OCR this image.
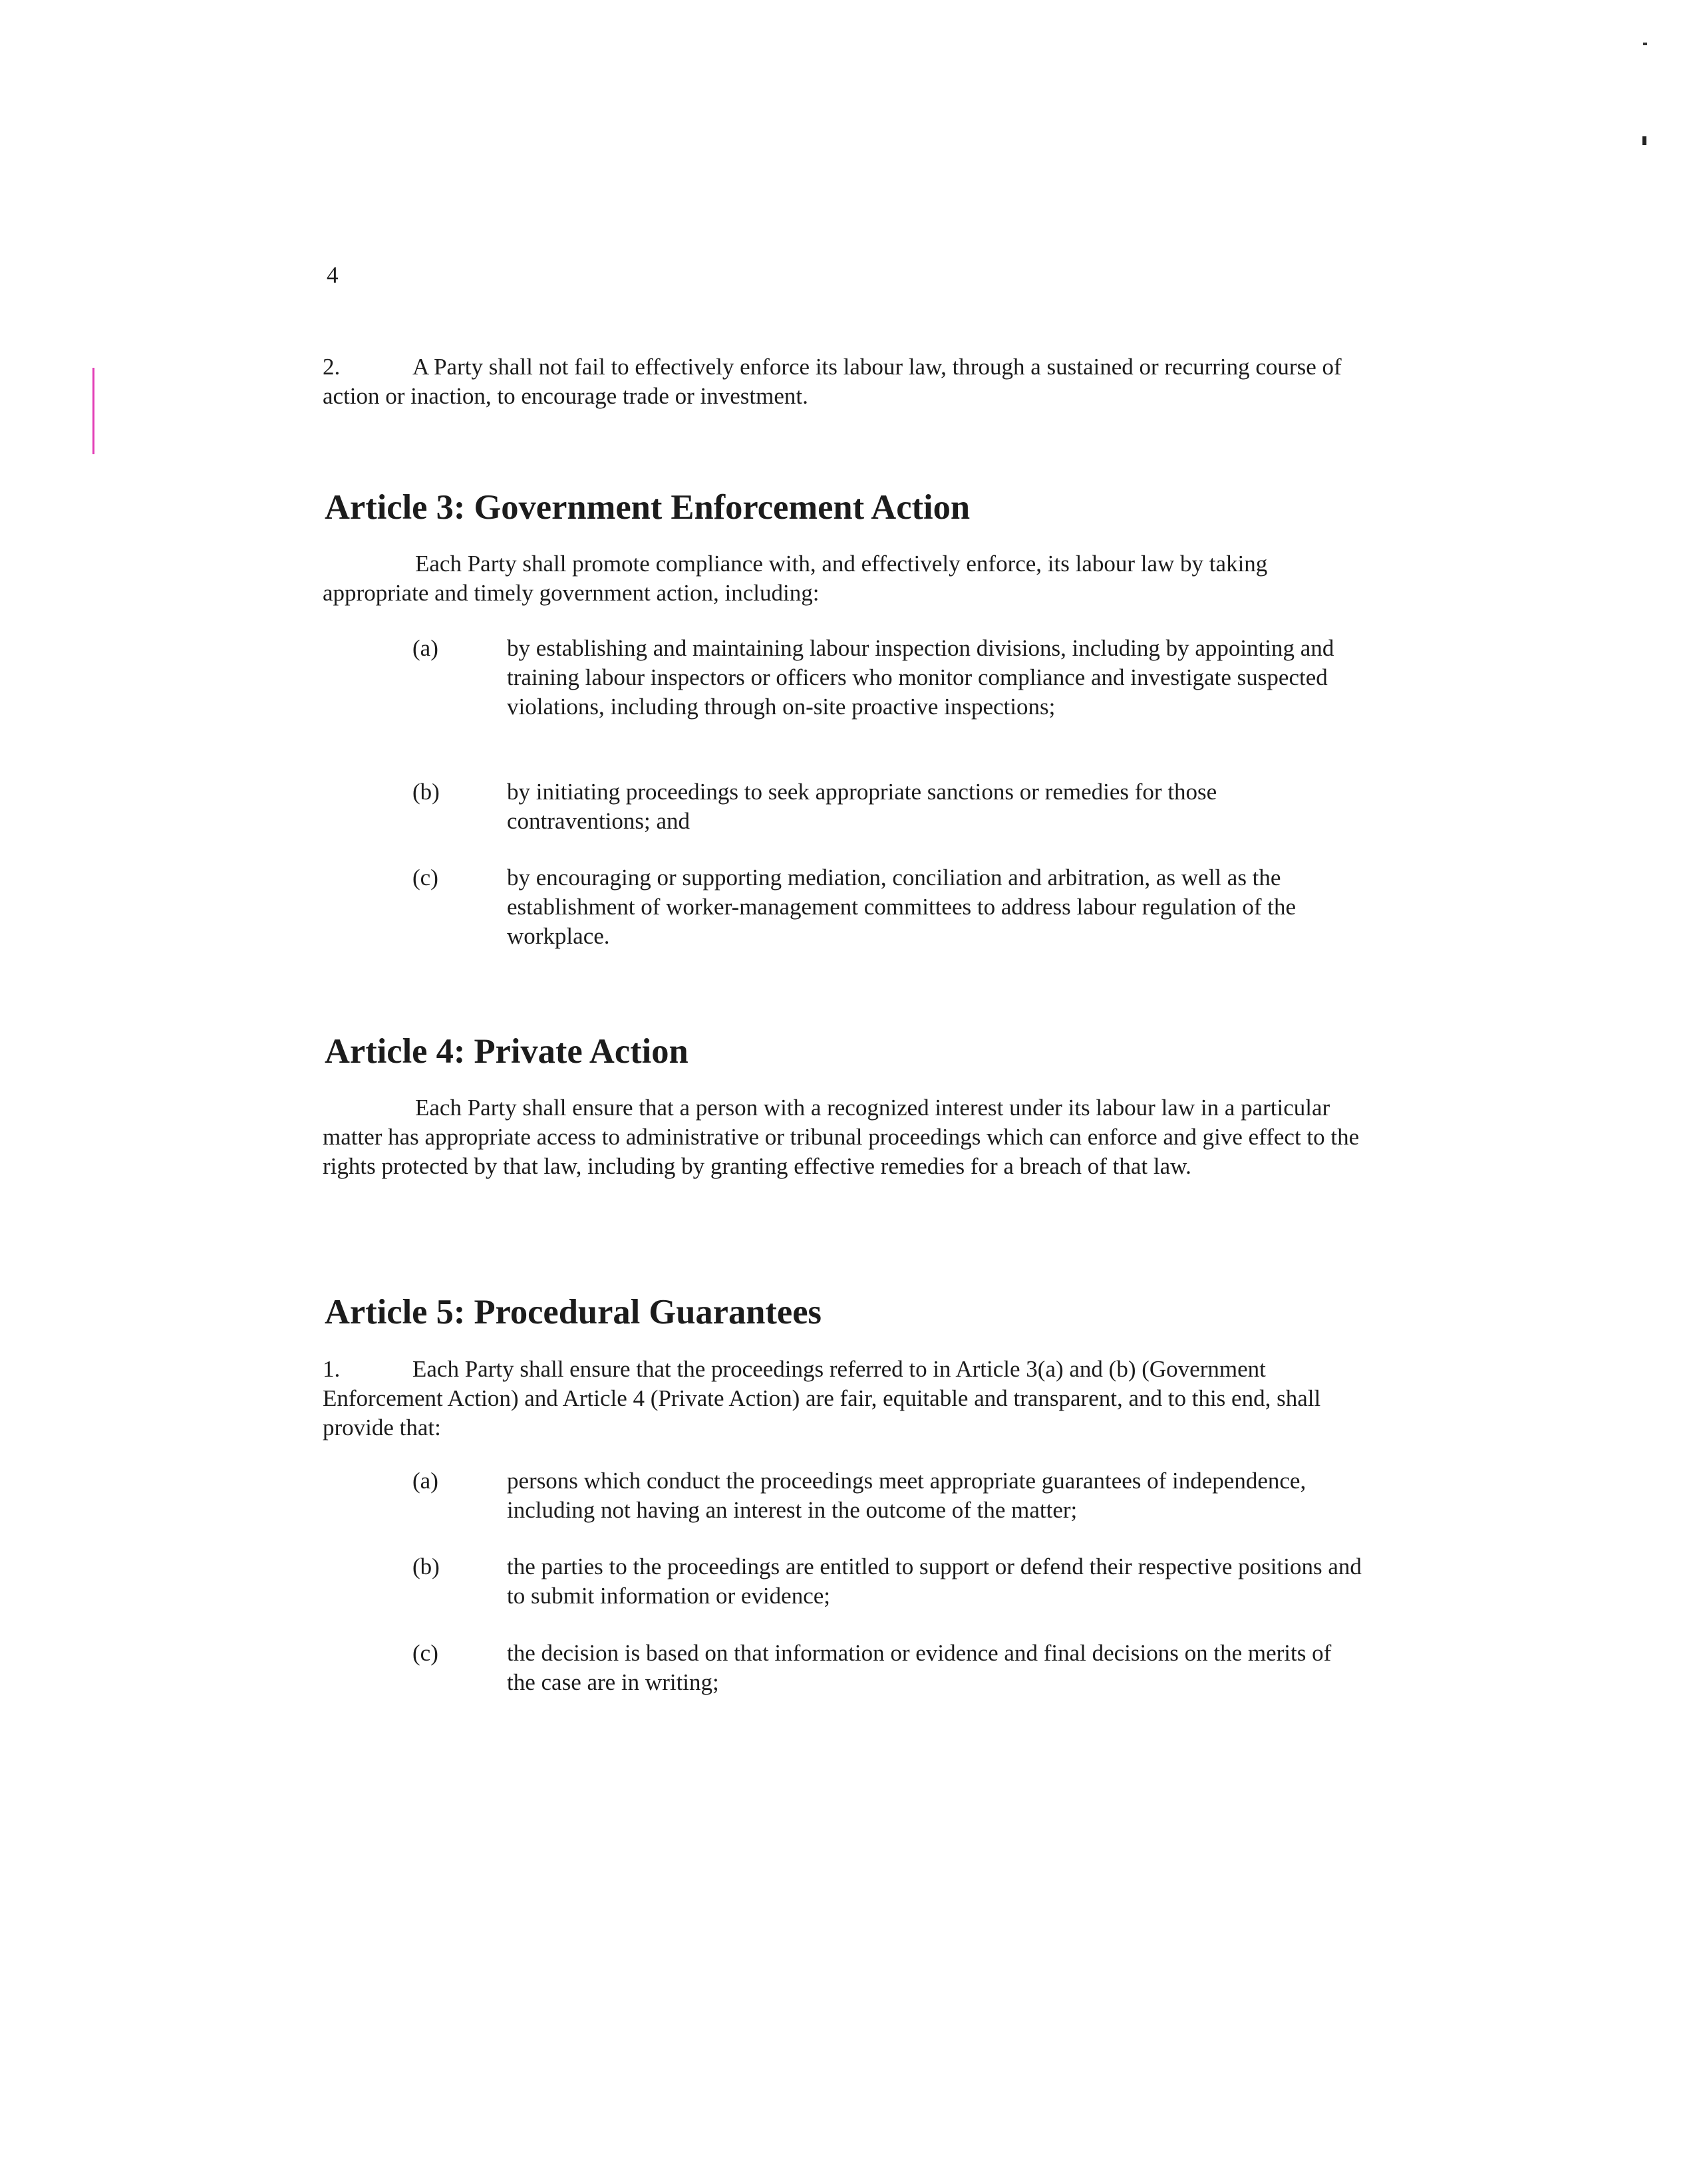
4

2.	A Party shall not fail to effectively enforce its labour law, through a sustained or recurring course of action or inaction, to encourage trade or investment.

Article 3: Government Enforcement Action

Each Party shall promote compliance with, and effectively enforce, its labour law by taking appropriate and timely government action, including:

(a)	by establishing and maintaining labour inspection divisions, including by appointing and training labour inspectors or officers who monitor compliance and investigate suspected violations, including through on-site proactive inspections;
(b)	by initiating proceedings to seek appropriate sanctions or remedies for those contraventions; and
(c)	by encouraging or supporting mediation, conciliation and arbitration, as well as the establishment of worker-management committees to address labour regulation of the workplace.
Article 4: Private Action

Each Party shall ensure that a person with a recognized interest under its labour law in a particular matter has appropriate access to administrative or tribunal proceedings which can enforce and give effect to the rights protected by that law, including by granting effective remedies for a breach of that law.

Article 5: Procedural Guarantees

1.	Each Party shall ensure that the proceedings referred to in Article 3(a) and (b) (Government Enforcement Action) and Article 4 (Private Action) are fair, equitable and transparent, and to this end, shall provide that:

(a)	persons which conduct the proceedings meet appropriate guarantees of independence, including not having an interest in the outcome of the matter;
(b)	the parties to the proceedings are entitled to support or defend their respective positions and to submit information or evidence;
(c)	the decision is based on that information or evidence and final decisions on the merits of the case are in writing;
